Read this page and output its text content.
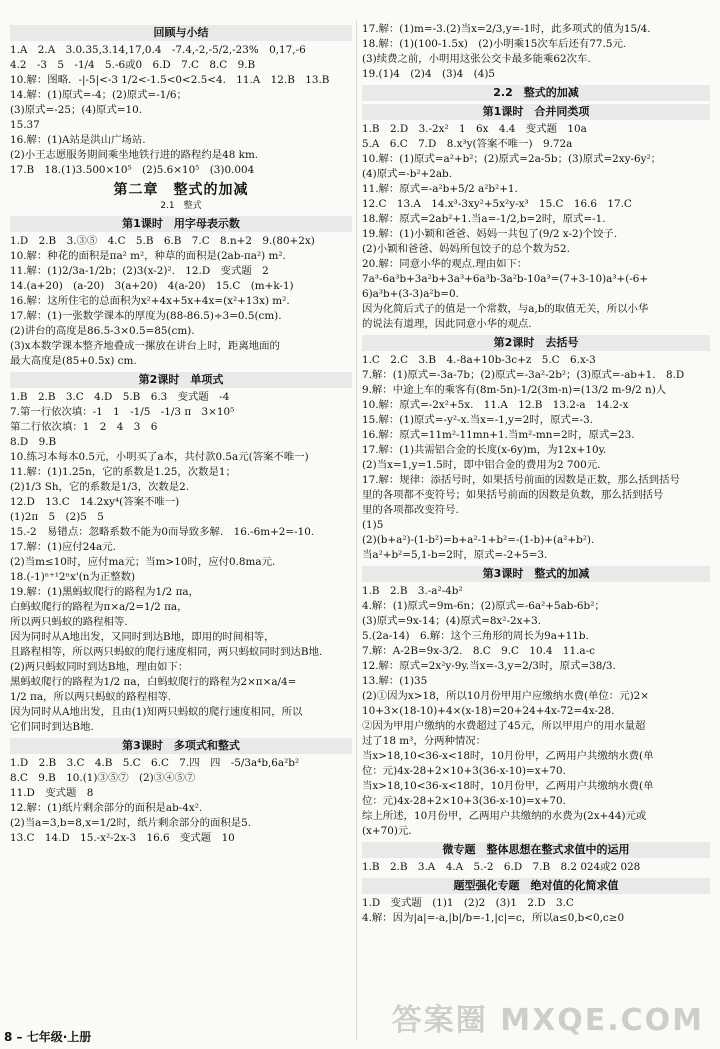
回顾与小结
1.A　2.A　3.0.35,3.14,17,0.4　-7.4,-2,-5/2,-23%　0,17,-6
4.2　-3　5　-1/4　5.-6或0　6.D　7.C　8.C　9.B
10.解：图略．-|-5|<-3 1/2<-1.5<0<2.5<4.　11.A　12.B　13.B
14.解：(1)原式=-4；(2)原式=-1/6；
(3)原式=-25；(4)原式=10.
15.37
16.解：(1)A站是洪山广场站.
(2)小王志愿服务期间乘坐地铁行进的路程约是48 km.
17.B　18.(1)3.500×10⁵　(2)5.6×10⁵　(3)0.004
第二章　整式的加减
2.1　整式
第1课时　用字母表示数
1.D　2.B　3.③⑤　4.C　5.B　6.B　7.C　8.n+2　9.(80+2x)
10.解：种花的面积是πa² m²，种草的面积是(2ab-πa²) m².
11.解：(1)2/3a-1/2b；(2)3(x-2)².　12.D　变式题　2
14.(a+20)　(a-20)　3(a+20)　4(a-20)　15.C　(m+k-1)
16.解：这所住宅的总面积为x²+4x+5x+4x=(x²+13x) m².
17.解：(1)一张数学课本的厚度为(88-86.5)÷3=0.5(cm).
(2)讲台的高度是86.5-3×0.5=85(cm).
(3)x本数学课本整齐地叠成一摞放在讲台上时，距离地面的
最大高度是(85+0.5x) cm.
第2课时　单项式
1.B　2.B　3.C　4.D　5.B　6.3　变式题　-4
7.第一行依次填：-1　1　-1/5　-1/3 π　3×10⁵
第二行依次填：1　2　4　3　6
8.D　9.B
10.练习本每本0.5元，小明买了a本，共付款0.5a元(答案不唯一)
11.解：(1)1.25n，它的系数是1.25，次数是1；
(2)1/3 Sh，它的系数是1/3，次数是2.
12.D　13.C　14.2xy⁴(答案不唯一)
(1)2π　5　(2)5　5
15.-2　易错点：忽略系数不能为0而导致多解.　16.-6m+2=-10.
17.解：(1)应付24a元.
(2)当m≤10时，应付ma元；当m>10时，应付0.8ma元.
18.(-1)ⁿ⁺¹2ⁿx'(n为正整数)
19.解：(1)黑蚂蚁爬行的路程为1/2 πa，
白蚂蚁爬行的路程为π×a/2=1/2 πa，
所以两只蚂蚁的路程相等.
因为同时从A地出发，又同时到达B地，即用的时间相等，
且路程相等，所以两只蚂蚁的爬行速度相同，两只蚂蚁同时到达B地.
(2)两只蚂蚁同时到达B地，理由如下：
黑蚂蚁爬行的路程为1/2 πa，白蚂蚁爬行的路程为2×π×a/4=
1/2 πa，所以两只蚂蚁的路程相等.
因为同时从A地出发，且由(1)知两只蚂蚁的爬行速度相同，所以
它们同时到达B地.
第3课时　多项式和整式
1.D　2.B　3.C　4.B　5.C　6.C　7.四　四　-5/3a⁴b,6a²b²
8.C　9.B　10.(1)③⑤⑦　(2)③④⑤⑦
11.D　变式题　8
12.解：(1)纸片剩余部分的面积是ab-4x².
(2)当a=3,b=8,x=1/2时，纸片剩余部分的面积是5.
13.C　14.D　15.-x²-2x-3　16.6　变式题　10
17.解：(1)m=-3.(2)当x=2/3,y=-1时，此多项式的值为15/4.
18.解：(1)(100-1.5x)　(2)小明乘15次车后还有77.5元.
(3)续费之前，小明用这张公交卡最多能乘62次车.
19.(1)4　(2)4　(3)4　(4)5
2.2　整式的加减
第1课时　合并同类项
1.B　2.D　3.-2x²　1　6x　4.4　变式题　10a
5.A　6.C　7.D　8.x³y(答案不唯一)　9.72a
10.解：(1)原式=a²+b²；(2)原式=2a-5b；(3)原式=2xy-6y²；
(4)原式=-b²+2ab.
11.解：原式=-a²b+5/2 a²b²+1.
12.C　13.A　14.x³-3xy²+5x²y-x³　15.C　16.6　17.C
18.解：原式=2ab²+1.当a=-1/2,b=2时，原式=-1.
19.解：(1)小颖和爸爸、妈妈一共包了(9/2 x-2)个饺子.
(2)小颖和爸爸、妈妈所包饺子的总个数为52.
20.解：同意小华的观点.理由如下：
7a³-6a³b+3a²b+3a³+6a³b-3a²b-10a³=(7+3-10)a³+(-6+
6)a³b+(3-3)a²b=0.
因为化简后式子的值是一个常数，与a,b的取值无关，所以小华
的说法有道理，因此同意小华的观点.
第2课时　去括号
1.C　2.C　3.B　4.-8a+10b-3c+z　5.C　6.x-3
7.解：(1)原式=-3a-7b；(2)原式=-3a²-2b²；(3)原式=-ab+1.　8.D
9.解：中途上车的乘客有(8m-5n)-1/2(3m-n)=(13/2 m-9/2 n)人
10.解：原式=-2x²+5x.　11.A　12.B　13.2-a　14.2-x
15.解：(1)原式=-y²-x.当x=-1,y=2时，原式=-3.
16.解：原式=11m²-11mn+1.当m²-mn=2时，原式=23.
17.解：(1)共需铝合金的长度(x-6y)m，为12x+10y.
(2)当x=1,y=1.5时，即中铝合金的费用为2 700元.
17.解：规律：添括号时，如果括号前面的因数是正数，那么括到括号
里的各项都不变符号；如果括号前面的因数是负数，那么括到括号
里的各项都改变符号.
(1)5
(2)(b+a²)-(1-b²)=b+a²-1+b²=-(1-b)+(a²+b²).
当a²+b²=5,1-b=2时，原式=-2+5=3.
第3课时　整式的加减
1.B　2.B　3.-a²-4b²
4.解：(1)原式=9m-6n；(2)原式=-6a²+5ab-6b²；
(3)原式=9x-14；(4)原式=8x²-2x+3.
5.(2a-14)　6.解：这个三角形的周长为9a+11b.
7.解：A-2B=9x-3/2.　8.C　9.C　10.4　11.a-c
12.解：原式=2x²y-9y.当x=-3,y=2/3时，原式=38/3.
13.解：(1)35
(2)①因为x>18，所以10月份甲用户应缴纳水费(单位：元)2×
10+3×(18-10)+4×(x-18)=20+24+4x-72=4x-28.
②因为甲用户缴纳的水费超过了45元，所以甲用户的用水量超
过了18 m³，分两种情况：
当x>18,10<36-x<18时，10月份甲，乙两用户共缴纳水费(单
位：元)4x-28+2×10+3(36-x-10)=x+70.
当x>18,10<36-x<18时，10月份甲，乙两用户共缴纳水费(单
位：元)4x-28+2×10+3(36-x-10)=x+70.
综上所述，10月份甲，乙两用户共缴纳的水费为(2x+44)元或
(x+70)元.
微专题　整体思想在整式求值中的运用
1.B　2.B　3.A　4.A　5.-2　6.D　7.B　8.2 024或2 028
题型强化专题　绝对值的化简求值
1.D　变式题　(1)1　(2)2　(3)1　2.D　3.C
4.解：因为|a|=-a,|b|/b=-1,|c|=c，所以a≤0,b<0,c≥0
8 – 七年级·上册	答案圈 MXQE.COM
